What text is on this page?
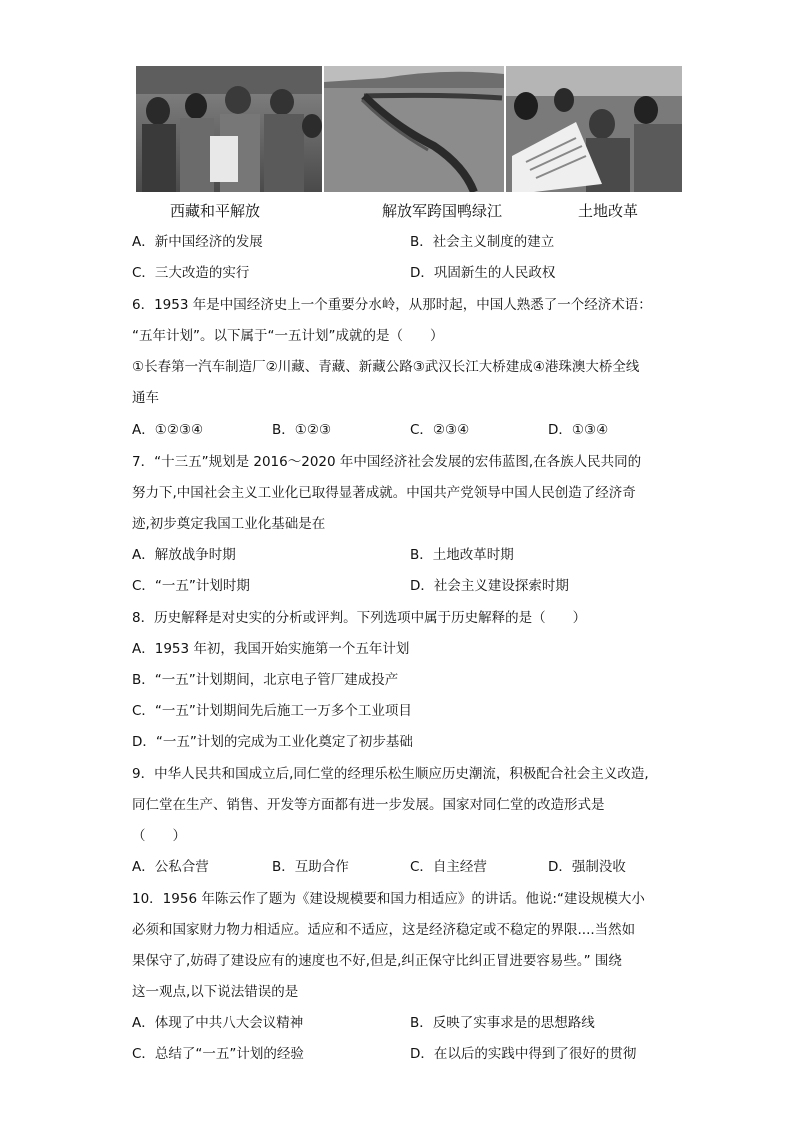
西藏和平解放	解放军跨国鸭绿江	土地改革
A．新中国经济的发展	B．社会主义制度的建立
C．三大改造的实行	D．巩固新生的人民政权
6．1953 年是中国经济史上一个重要分水岭，从那时起，中国人熟悉了一个经济术语：
“五年计划”。以下属于“一五计划”成就的是（　　）
①长春第一汽车制造厂②川藏、青藏、新藏公路③武汉长江大桥建成④港珠澳大桥全线
通车
A．①②③④	B．①②③	C．②③④	D．①③④
7．“十三五”规划是 2016～2020 年中国经济社会发展的宏伟蓝图,在各族人民共同的
努力下,中国社会主义工业化已取得显著成就。中国共产党领导中国人民创造了经济奇
迹,初步奠定我国工业化基础是在
A．解放战争时期	B．土地改革时期
C．“一五”计划时期	D．社会主义建设探索时期
8．历史解释是对史实的分析或评判。下列选项中属于历史解释的是（　　）
A．1953 年初，我国开始实施第一个五年计划
B．“一五”计划期间，北京电子管厂建成投产
C．“一五”计划期间先后施工一万多个工业项目
D．“一五”计划的完成为工业化奠定了初步基础
9．中华人民共和国成立后,同仁堂的经理乐松生顺应历史潮流，积极配合社会主义改造,
同仁堂在生产、销售、开发等方面都有进一步发展。国家对同仁堂的改造形式是
（　　）
A．公私合营	B．互助合作	C．自主经营	D．强制没收
10．1956 年陈云作了题为《建设规模要和国力相适应》的讲话。他说:“建设规模大小
必须和国家财力物力相适应。适应和不适应，这是经济稳定或不稳定的界限....当然如
果保守了,妨碍了建设应有的速度也不好,但是,纠正保守比纠正冒进要容易些。” 围绕
这一观点,以下说法错误的是
A．体现了中共八大会议精神	B．反映了实事求是的思想路线
C．总结了“一五”计划的经验	D．在以后的实践中得到了很好的贯彻
